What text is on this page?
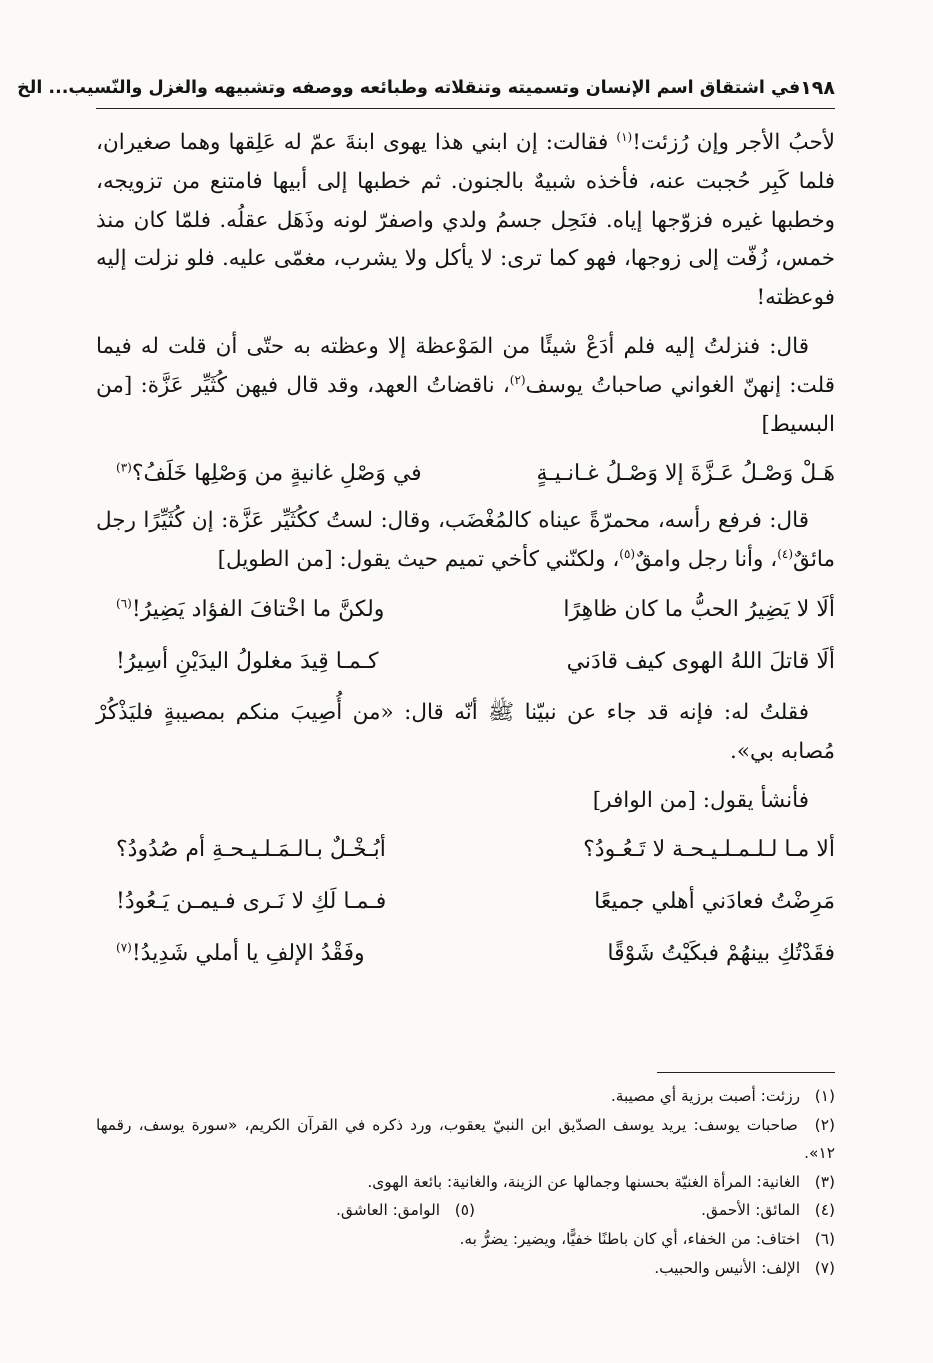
١٩٨
في اشتقاق اسم الإنسان وتسميته وتنقلاته وطبائعه ووصفه وتشبيهه والغزل والنّسيب... الخ

لأحبُ الأجر وإن رُزئت!$^{(١)}$ فقالت: إن ابني هذا يهوى ابنةَ عمّ له عَلِقها وهما صغيران، فلما كَبِر حُجبت عنه، فأخذه شبيهٌ بالجنون. ثم خطبها إلى أبيها فامتنع من تزويجه، وخطبها غيره فزوّجها إياه. فنَحِل جسمُ ولدي واصفرّ لونه وذَهَل عقلُه. فلمّا كان منذ خمس، زُفّت إلى زوجها، فهو كما ترى: لا يأكل ولا يشرب، مغمّى عليه. فلو نزلت إليه فوعظته!

قال: فنزلتُ إليه فلم أدَعْ شيئًا من المَوْعظة إلا وعظته به حتّى أن قلت له فيما قلت: إنهنّ الغواني صاحباتُ يوسف$^{(٢)}$، ناقضاتُ العهد، وقد قال فيهن كُثَيِّر عَزَّة: [من البسيط]

هَـلْ وَصْـلُ عَـزَّةَ إلا وَصْـلُ غـانـيـةٍ
في وَصْلِ غانيةٍ من وَصْلِها خَلَفُ؟$^{(٣)}$

قال: فرفع رأسه، محمرّةً عيناه كالمُغْضَب، وقال: لستُ ككُثَيِّر عَزَّة: إن كُثَيِّرًا رجل مائقٌ$^{(٤)}$، وأنا رجل وامقٌ$^{(٥)}$، ولكنّني كأخي تميم حيث يقول: [من الطويل]

ألَا لا يَضِيرُ الحبُّ ما كان ظاهِرًا
ولكنَّ ما اخْتافَ الفؤاد يَضِيرُ!$^{(٦)}$
ألَا قاتلَ اللهُ الهوى كيف قادَني
كـمـا قِيدَ مغلولُ اليدَيْنِ أسِيرُ!

فقلتُ له: فإنه قد جاء عن نبيّنا ﷺ أنّه قال: «من أُصِيبَ منكم بمصيبةٍ فليَذْكُرْ مُصابه بي».

فأنشأ يقول: [من الوافر]

ألا مـا لـلـمـلـيـحـة لا تَـعُـودُ؟
أبُـخْـلٌ بـالـمَـلـيـحـةِ أم صُدُودُ؟
مَرِضْتُ فعادَني أهلي جميعًا
فـمـا لَكِ لا نَـرى فـيمـن يَـعُودُ!
فقَدْتُكِ بينهُمْ فبكَيْتُ شَوْقًا
وفَقْدُ الإلفِ يا أملي شَدِيدُ!$^{(٧)}$

(١) رزئت: أصبت برزية أي مصيبة.

(٢) صاحبات يوسف: يريد يوسف الصدّيق ابن النبيّ يعقوب، ورد ذكره في القرآن الكريم، «سورة يوسف، رقمها ١٢».

(٣) الغانية: المرأة الغنيّة بحسنها وجمالها عن الزينة، والغانية: بائعة الهوى.

(٤) المائق: الأحمق.

(٥) الوامق: العاشق.

(٦) اختاف: من الخفاء، أي كان باطنًا خفيًّا، ويضير: يضرُّ به.

(٧) الإلف: الأنيس والحبيب.
